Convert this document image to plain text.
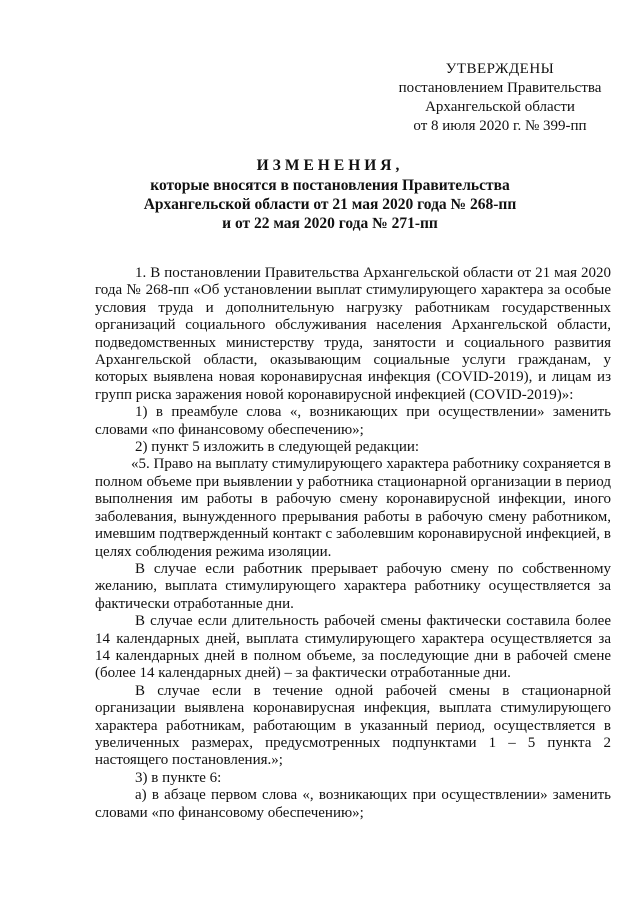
УТВЕРЖДЕНЫ
постановлением Правительства
Архангельской области
от 8 июля 2020 г. № 399-пп
ИЗМЕНЕНИЯ,
которые вносятся в постановления Правительства
Архангельской области от 21 мая 2020 года № 268-пп
и от 22 мая 2020 года № 271-пп

1. В постановлении Правительства Архангельской области от 21 мая 2020 года № 268-пп «Об установлении выплат стимулирующего характера за особые условия труда и дополнительную нагрузку работникам государственных организаций социального обслуживания населения Архангельской области, подведомственных министерству труда, занятости и социального развития Архангельской области, оказывающим социальные услуги гражданам, у которых выявлена новая коронавирусная инфекция (COVID-2019), и лицам из групп риска заражения новой коронавирусной инфекцией (COVID-2019)»:

1) в преамбуле слова «, возникающих при осуществлении» заменить словами «по финансовому обеспечению»;

2) пункт 5 изложить в следующей редакции:

«5. Право на выплату стимулирующего характера работнику сохраняется в полном объеме при выявлении у работника стационарной организации в период выполнения им работы в рабочую смену коронавирусной инфекции, иного заболевания, вынужденного прерывания работы в рабочую смену работником, имевшим подтвержденный контакт с заболевшим коронавирусной инфекцией, в целях соблюдения режима изоляции.

В случае если работник прерывает рабочую смену по собственному желанию, выплата стимулирующего характера работнику осуществляется за фактически отработанные дни.

В случае если длительность рабочей смены фактически составила более 14 календарных дней, выплата стимулирующего характера осуществляется за 14 календарных дней в полном объеме, за последующие дни в рабочей смене (более 14 календарных дней) – за фактически отработанные дни.

В случае если в течение одной рабочей смены в стационарной организации выявлена коронавирусная инфекция, выплата стимулирующего характера работникам, работающим в указанный период, осуществляется в увеличенных размерах, предусмотренных подпунктами 1 – 5 пункта 2 настоящего постановления.»;

3) в пункте 6:

а) в абзаце первом слова «, возникающих при осуществлении» заменить словами «по финансовому обеспечению»;
